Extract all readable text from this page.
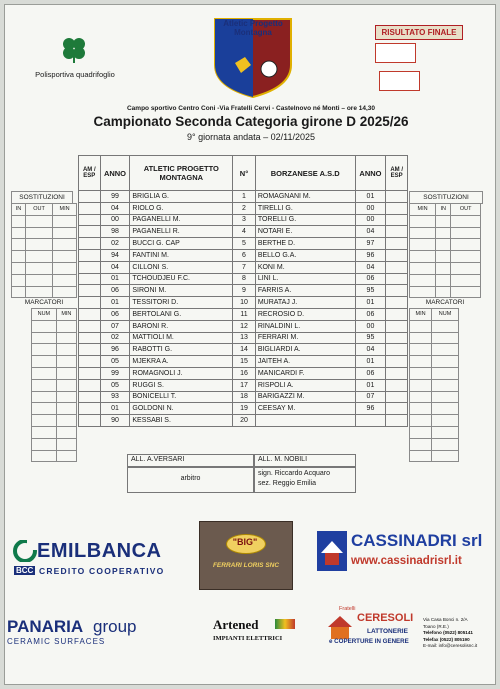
Polisportiva quadrifoglio
Atletic Progetto Montagna	RISULTATO FINALE

Campo sportivo Centro Coni -Via Fratelli Cervi - Castelnovo né Monti – ore 14,30
Campionato Seconda Categoria girone D 2025/26
9° giornata andata – 02/11/2025
AM / ESP	ANNO	ATLETIC PROGETTO MONTAGNA	N°	BORZANESE A.S.D	ANNO	AM / ESP
	99	BRIGLIA G.	1	ROMAGNANI M.	01	
	04	RIOLO G.	2	TIRELLI G.	00	
	00	PAGANELLI M.	3	TORELLI G.	00	
	98	PAGANELLI R.	4	NOTARI E.	04	
	02	BUCCI G. CAP	5	BERTHE D.	97	
	94	FANTINI M.	6	BELLO G.A.	96	
	04	CILLONI S.	7	KONI M.	04	
	01	TCHOUDJEU F.C.	8	LINI L.	06	
	06	SIRONI M.	9	FARRIS A.	95	
	01	TESSITORI D.	10	MURATAJ J.	01	
	06	BERTOLANI G.	11	RECROSIO D.	06	
	07	BARONI R.	12	RINALDINI L.	00	
	02	MATTIOLI M.	13	FERRARI M.	95	
	96	RABOTTI G.	14	BIGLIARDI A.	04	
	05	MJEKRA A.	15	JAITEH A.	01	
	99	ROMAGNOLI J.	16	MANICARDI F.	06	
	05	RUGGI S.	17	RISPOLI A.	01	
	93	BONICELLI T.	18	BARIGAZZI M.	07	
	01	GOLDONI N.	19	CEESAY M.	96	
	90	KESSABI S.	20			
ALL. A.VERSARI	ALL. M. NOBILI
arbitro
sign. Riccardo Acquaro
sez. Reggio Emilia
SOSTITUZIONI
IN	OUT	MIN

MARCATORI
NUM	MIN

SOSTITUZIONI
MIN	IN	OUT

MARCATORI
MIN	NUM

EMILBANCA
BCC CREDITO COOPERATIVO
"BIG"
FERRARI LORIS SNC
CASSINADRI srl
www.cassinadrisrl.it
PANARIA group
CERAMIC SURFACES
Artened
IMPIANTI ELETTRICI
Fratelli
CERESOLI
LATTONERIE
e COPERTURE IN GENERE
Via Casa Bonci n. 2/A
Toano (R.E.)
Telefono (0522) 805141
Telefax (0522) 805190
E-mail: info@ceresolisnc.it
